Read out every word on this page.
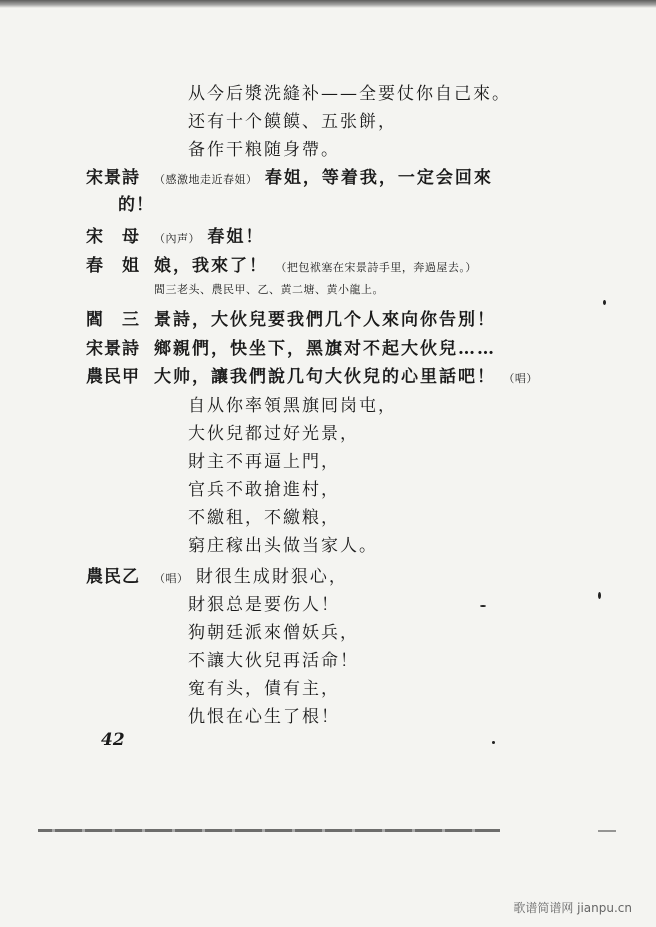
从今后漿洗縫补——全要仗你自己來。
还有十个饃饃、五张餅，
备作干粮随身帶。
宋景詩 （感激地走近春姐） 春姐，等着我，一定会回來
的！
宋　母 （內声） 春姐！
春　姐 娘，我來了！ （把包袱塞在宋景詩手里，奔過屋去。）
閻三老头、農民甲、乙、黄二塘、黄小龍上。
閻　三 景詩，大伙兒要我們几个人來向你告別！
宋景詩 鄉親們，快坐下，黑旗对不起大伙兒……
農民甲 大帅，讓我們說几句大伙兒的心里話吧！ （唱）
自从你率領黑旗囘岗屯，
大伙兒都过好光景，
財主不再逼上門，
官兵不敢搶進村，
不繳租，不繳粮，
窮庄稼出头做当家人。
農民乙 （唱） 財很生成財狠心，
財狠总是要伤人！
狗朝廷派來僧妖兵，
不讓大伙兒再活命！
寃有头，債有主，
仇恨在心生了根！
42
歌谱简谱网 jianpu.cn
